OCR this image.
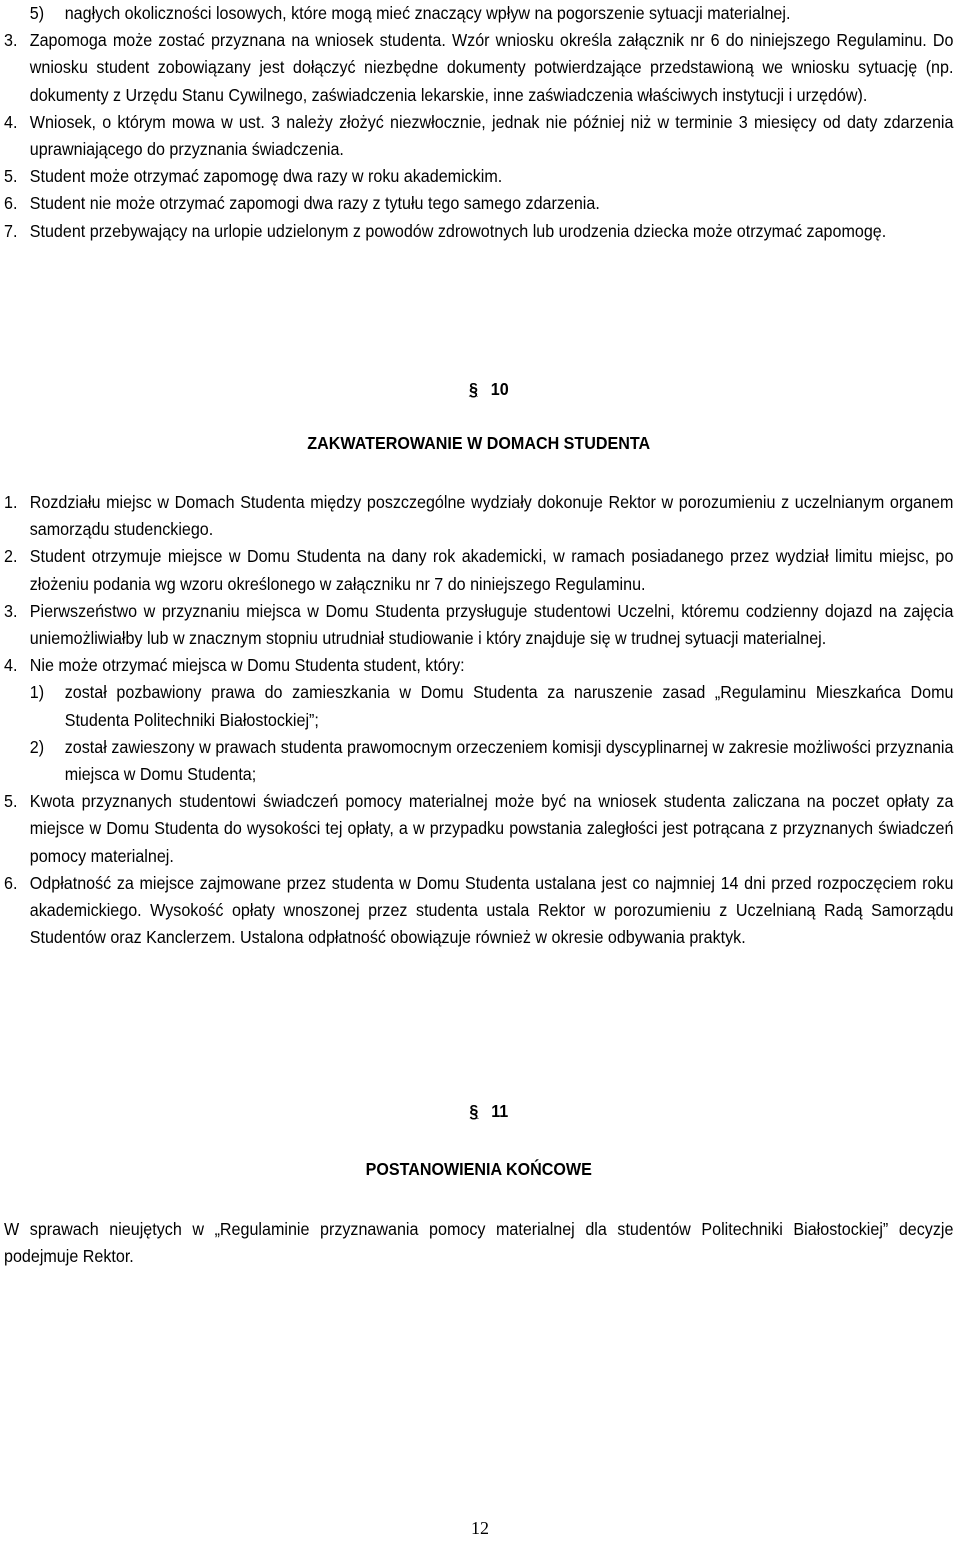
5)	nagłych okoliczności losowych, które mogą mieć znaczący wpływ na pogorszenie sytuacji materialnej.
3. Zapomoga może zostać przyznana na wniosek studenta. Wzór wniosku określa załącznik nr 6 do niniejszego Regulaminu. Do wniosku student zobowiązany jest dołączyć niezbędne dokumenty potwierdzające przedstawioną we wniosku sytuację (np. dokumenty z Urzędu Stanu Cywilnego, zaświadczenia lekarskie, inne zaświadczenia właściwych instytucji i urzędów).
4. Wniosek, o którym mowa w ust. 3 należy złożyć niezwłocznie, jednak nie później niż w terminie 3 miesięcy od daty zdarzenia uprawniającego do przyznania świadczenia.
5. Student może otrzymać zapomogę dwa razy w roku akademickim.
6. Student nie może otrzymać zapomogi dwa razy z tytułu tego samego zdarzenia.
7. Student przebywający na urlopie udzielonym z powodów zdrowotnych lub urodzenia dziecka może otrzymać zapomogę.

§ 10

ZAKWATEROWANIE W DOMACH STUDENTA

1. Rozdziału miejsc w Domach Studenta między poszczególne wydziały dokonuje Rektor w porozumieniu z uczelnianym organem samorządu studenckiego.
2. Student otrzymuje miejsce w Domu Studenta na dany rok akademicki, w ramach posiadanego przez wydział limitu miejsc, po złożeniu podania wg wzoru określonego w załączniku nr 7 do niniejszego Regulaminu.
3. Pierwszeństwo w przyznaniu miejsca w Domu Studenta przysługuje studentowi Uczelni, któremu codzienny dojazd na zajęcia uniemożliwiałby lub w znacznym stopniu utrudniał studiowanie i który znajduje się w trudnej sytuacji materialnej.
4. Nie może otrzymać miejsca w Domu Studenta student, który:
1)	został pozbawiony prawa do zamieszkania w Domu Studenta za naruszenie zasad „Regulaminu Mieszkańca Domu Studenta Politechniki Białostockiej”;
2)	został zawieszony w prawach studenta prawomocnym orzeczeniem komisji dyscyplinarnej w zakresie możliwości przyznania miejsca w Domu Studenta;
5. Kwota przyznanych studentowi świadczeń pomocy materialnej może być na wniosek studenta zaliczana na poczet opłaty za miejsce w Domu Studenta do wysokości tej opłaty, a w przypadku powstania zaległości jest potrącana z przyznanych świadczeń pomocy materialnej.
6. Odpłatność za miejsce zajmowane przez studenta w Domu Studenta ustalana jest co najmniej 14 dni przed rozpoczęciem roku akademickiego. Wysokość opłaty wnoszonej przez studenta ustala Rektor w porozumieniu z Uczelnianą Radą Samorządu Studentów oraz Kanclerzem. Ustalona odpłatność obowiązuje również w okresie odbywania praktyk.

§ 11

POSTANOWIENIA KOŃCOWE

W sprawach nieujętych w „Regulaminie przyznawania pomocy materialnej dla studentów Politechniki Białostockiej” decyzje podejmuje Rektor.

12
